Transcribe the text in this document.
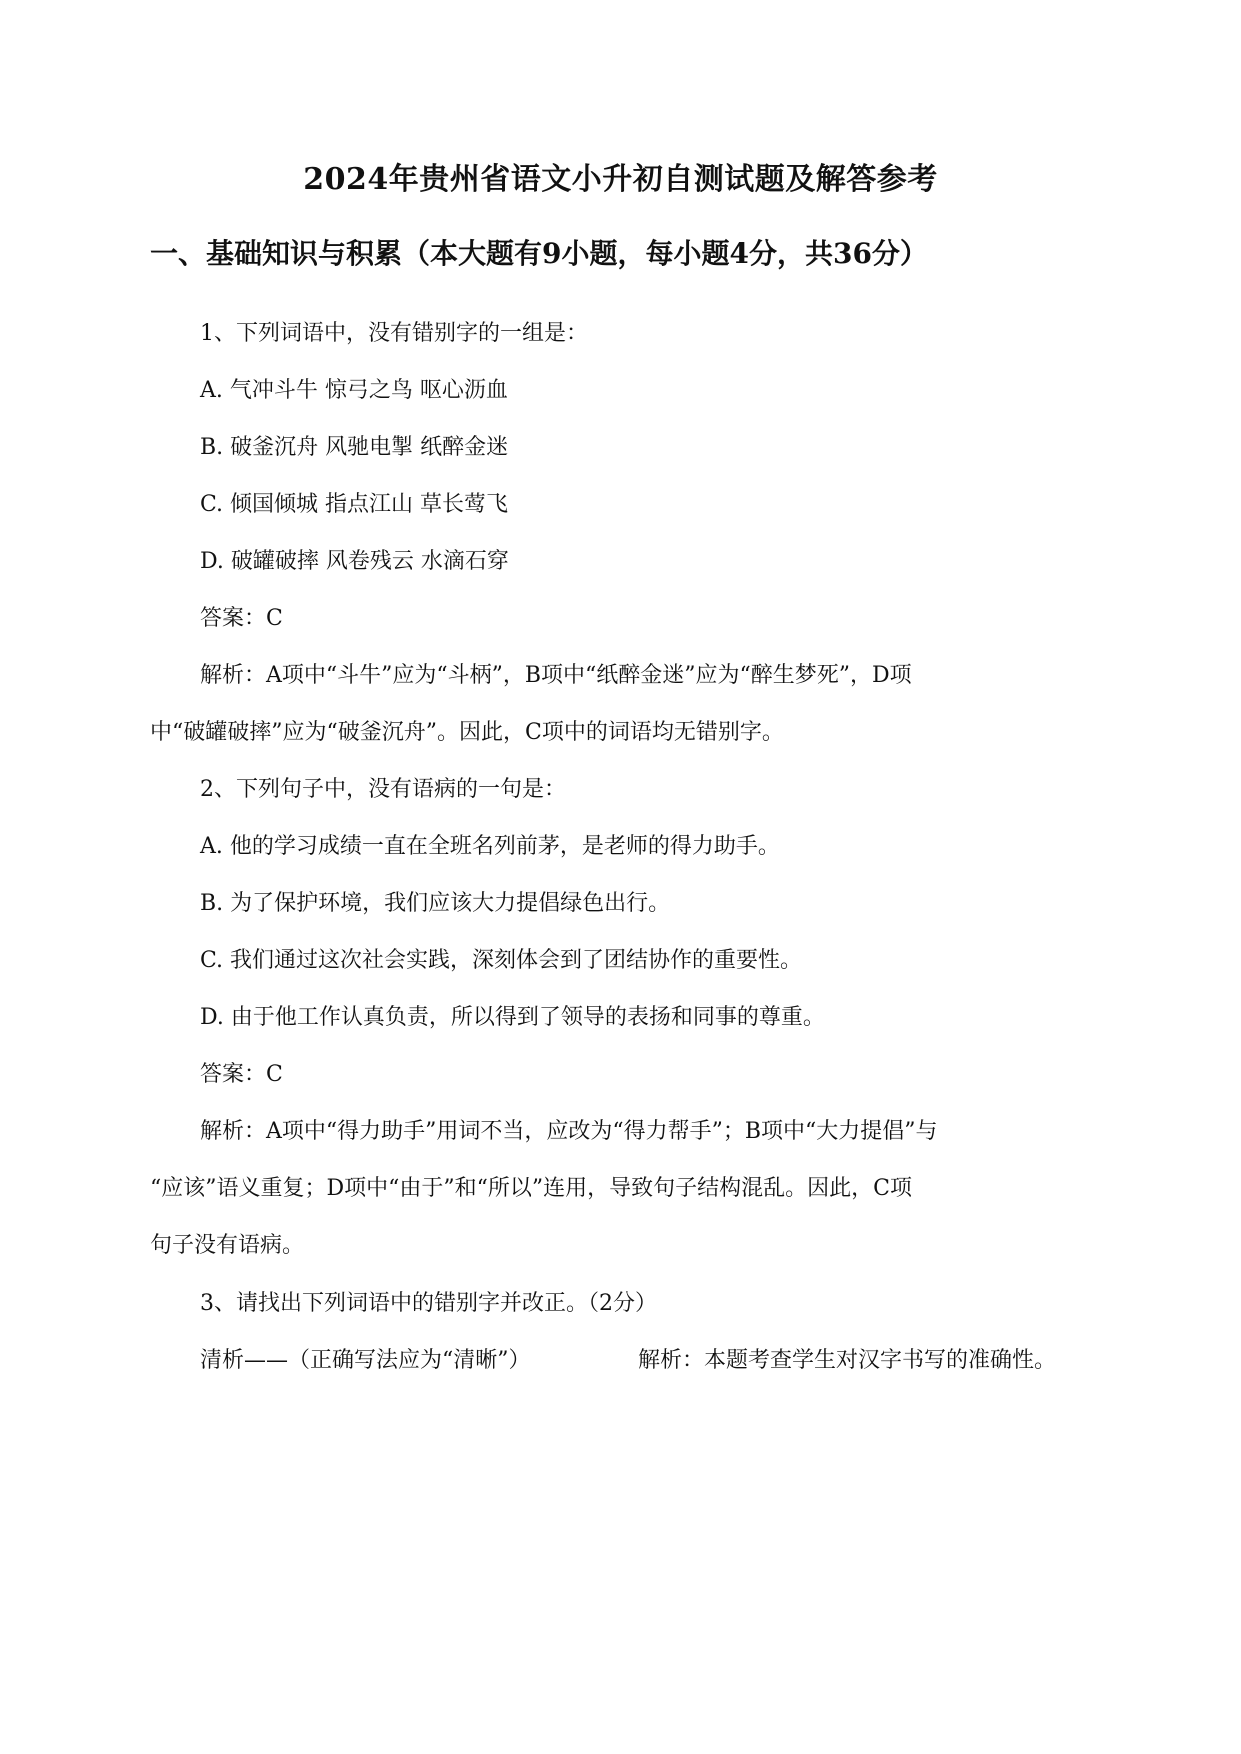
2024年贵州省语文小升初自测试题及解答参考
一、基础知识与积累（本大题有9小题，每小题4分，共36分）

1、下列词语中，没有错别字的一组是：

A. 气冲斗牛 惊弓之鸟 呕心沥血

B. 破釜沉舟 风驰电掣 纸醉金迷

C. 倾国倾城 指点江山 草长莺飞

D. 破罐破摔 风卷残云 水滴石穿

答案：C

解析：A项中“斗牛”应为“斗柄”，B项中“纸醉金迷”应为“醉生梦死”，D项

中“破罐破摔”应为“破釜沉舟”。因此，C项中的词语均无错别字。

2、下列句子中，没有语病的一句是：

A. 他的学习成绩一直在全班名列前茅，是老师的得力助手。

B. 为了保护环境，我们应该大力提倡绿色出行。

C. 我们通过这次社会实践，深刻体会到了团结协作的重要性。

D. 由于他工作认真负责，所以得到了领导的表扬和同事的尊重。

答案：C

解析：A项中“得力助手”用词不当，应改为“得力帮手”；B项中“大力提倡”与

“应该”语义重复；D项中“由于”和“所以”连用，导致句子结构混乱。因此，C项

句子没有语病。

3、请找出下列词语中的错别字并改正。（2分）

清析——（正确写法应为“清晰”）	解析：本题考查学生对汉字书写的准确性。
